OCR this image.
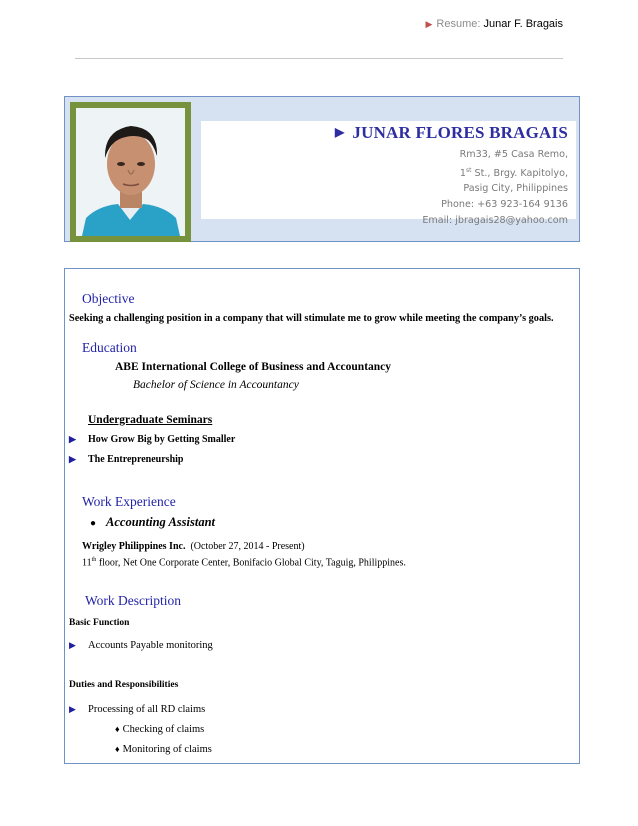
▶ Resume: Junar F. Bragais
▶ JUNAR FLORES BRAGAIS
Rm33, #5 Casa Remo,
1st St., Brgy. Kapitolyo,
Pasig City, Philippines
Phone: +63 923-164 9136
Email: jbragais28@yahoo.com
Objective
Seeking a challenging position in a company that will stimulate me to grow while meeting the company’s goals.
Education
ABE International College of Business and Accountancy
Bachelor of Science in Accountancy
Undergraduate Seminars
▶ How Grow Big by Getting Smaller
▶ The Entrepreneurship
Work Experience
● Accounting Assistant
Wrigley Philippines Inc. (October 27, 2014 - Present)
11th floor, Net One Corporate Center, Bonifacio Global City, Taguig, Philippines.
Work Description
Basic Function
▶ Accounts Payable monitoring
Duties and Responsibilities
▶ Processing of all RD claims
♦ Checking of claims
♦ Monitoring of claims
